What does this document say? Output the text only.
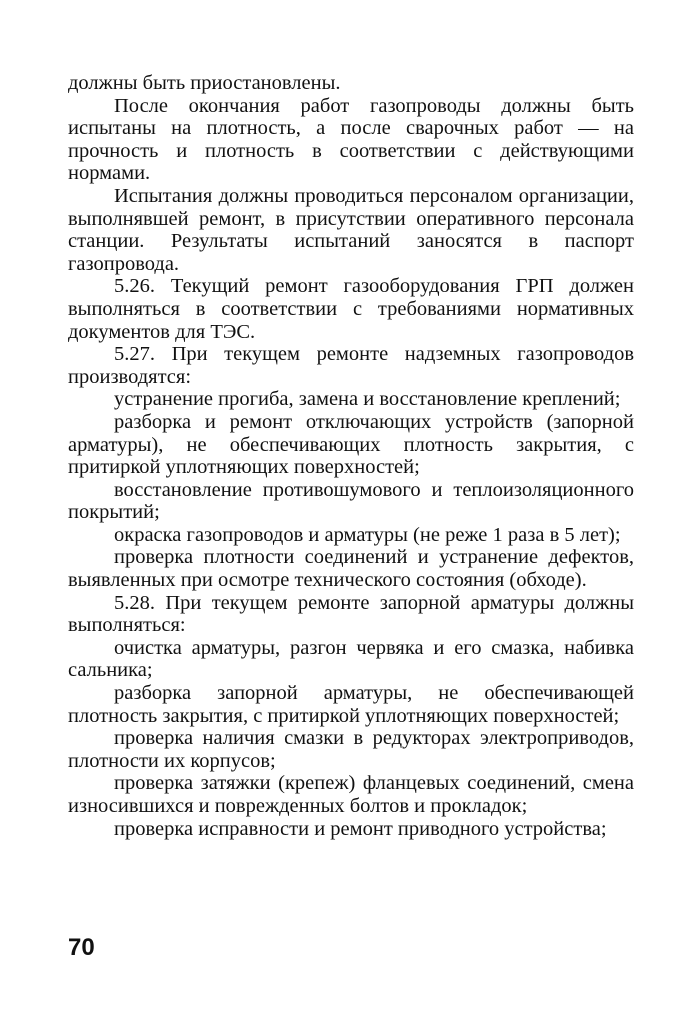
должны быть приостановлены.

После окончания работ газопроводы должны быть испытаны на плотность, а после сварочных работ — на прочность и плотность в соответствии с действующими нормами.

Испытания должны проводиться персоналом организации, выполнявшей ремонт, в присутствии оперативного персонала станции. Результаты испытаний заносятся в паспорт газопровода.

5.26. Текущий ремонт газооборудования ГРП должен выполняться в соответствии с требованиями нормативных документов для ТЭС.

5.27. При текущем ремонте надземных газопроводов производятся:

устранение прогиба, замена и восстановление креплений;

разборка и ремонт отключающих устройств (запорной арматуры), не обеспечивающих плотность закрытия, с притиркой уплотняющих поверхностей;

восстановление противошумового и теплоизоляционного покрытий;

окраска газопроводов и арматуры (не реже 1 раза в 5 лет);

проверка плотности соединений и устранение дефектов, выявленных при осмотре технического состояния (обходе).

5.28. При текущем ремонте запорной арматуры должны выполняться:

очистка арматуры, разгон червяка и его смазка, набивка сальника;

разборка запорной арматуры, не обеспечивающей плотность закрытия, с притиркой уплотняющих поверхностей;

проверка наличия смазки в редукторах электроприводов, плотности их корпусов;

проверка затяжки (крепеж) фланцевых соединений, смена износившихся и поврежденных болтов и прокладок;

проверка исправности и ремонт приводного устройства;

70
